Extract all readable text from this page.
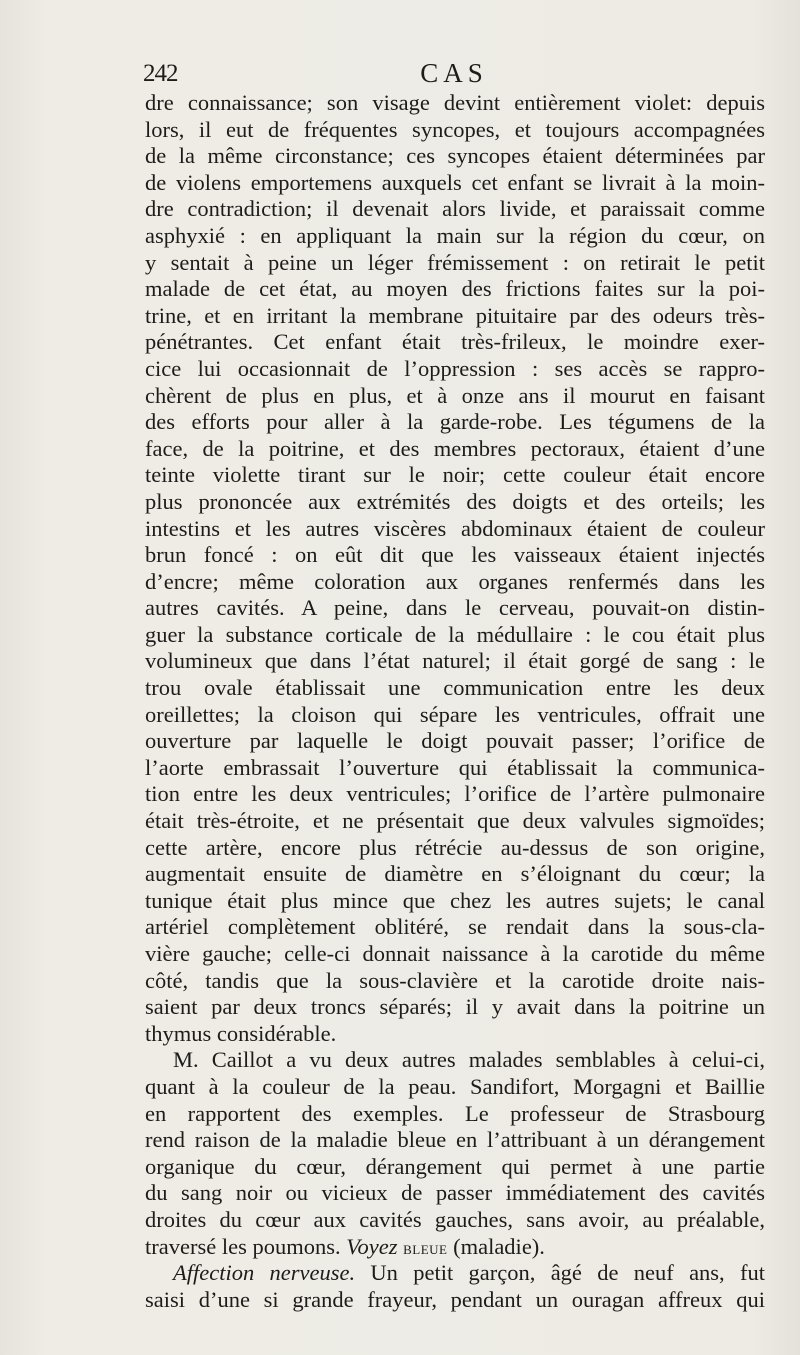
242	CAS
dre connaissance; son visage devint entièrement violet: depuis
lors, il eut de fréquentes syncopes, et toujours accompagnées
de la même circonstance; ces syncopes étaient déterminées par
de violens emportemens auxquels cet enfant se livrait à la moin-
dre contradiction; il devenait alors livide, et paraissait comme
asphyxié : en appliquant la main sur la région du cœur, on
y sentait à peine un léger frémissement : on retirait le petit
malade de cet état, au moyen des frictions faites sur la poi-
trine, et en irritant la membrane pituitaire par des odeurs très-
pénétrantes. Cet enfant était très-frileux, le moindre exer-
cice lui occasionnait de l’oppression : ses accès se rappro-
chèrent de plus en plus, et à onze ans il mourut en faisant
des efforts pour aller à la garde-robe. Les tégumens de la
face, de la poitrine, et des membres pectoraux, étaient d’une
teinte violette tirant sur le noir; cette couleur était encore
plus prononcée aux extrémités des doigts et des orteils; les
intestins et les autres viscères abdominaux étaient de couleur
brun foncé : on eût dit que les vaisseaux étaient injectés
d’encre; même coloration aux organes renfermés dans les
autres cavités. A peine, dans le cerveau, pouvait-on distin-
guer la substance corticale de la médullaire : le cou était plus
volumineux que dans l’état naturel; il était gorgé de sang : le
trou ovale établissait une communication entre les deux
oreillettes; la cloison qui sépare les ventricules, offrait une
ouverture par laquelle le doigt pouvait passer; l’orifice de
l’aorte embrassait l’ouverture qui établissait la communica-
tion entre les deux ventricules; l’orifice de l’artère pulmonaire
était très-étroite, et ne présentait que deux valvules sigmoïdes;
cette artère, encore plus rétrécie au-dessus de son origine,
augmentait ensuite de diamètre en s’éloignant du cœur; la
tunique était plus mince que chez les autres sujets; le canal
artériel complètement oblitéré, se rendait dans la sous-cla-
vière gauche; celle-ci donnait naissance à la carotide du même
côté, tandis que la sous-clavière et la carotide droite nais-
saient par deux troncs séparés; il y avait dans la poitrine un
thymus considérable.
M. Caillot a vu deux autres malades semblables à celui-ci,
quant à la couleur de la peau. Sandifort, Morgagni et Baillie
en rapportent des exemples. Le professeur de Strasbourg
rend raison de la maladie bleue en l’attribuant à un dérangement
organique du cœur, dérangement qui permet à une partie
du sang noir ou vicieux de passer immédiatement des cavités
droites du cœur aux cavités gauches, sans avoir, au préalable,
traversé les poumons. Voyez bleue (maladie).
Affection nerveuse. Un petit garçon, âgé de neuf ans, fut
saisi d’une si grande frayeur, pendant un ouragan affreux qui
